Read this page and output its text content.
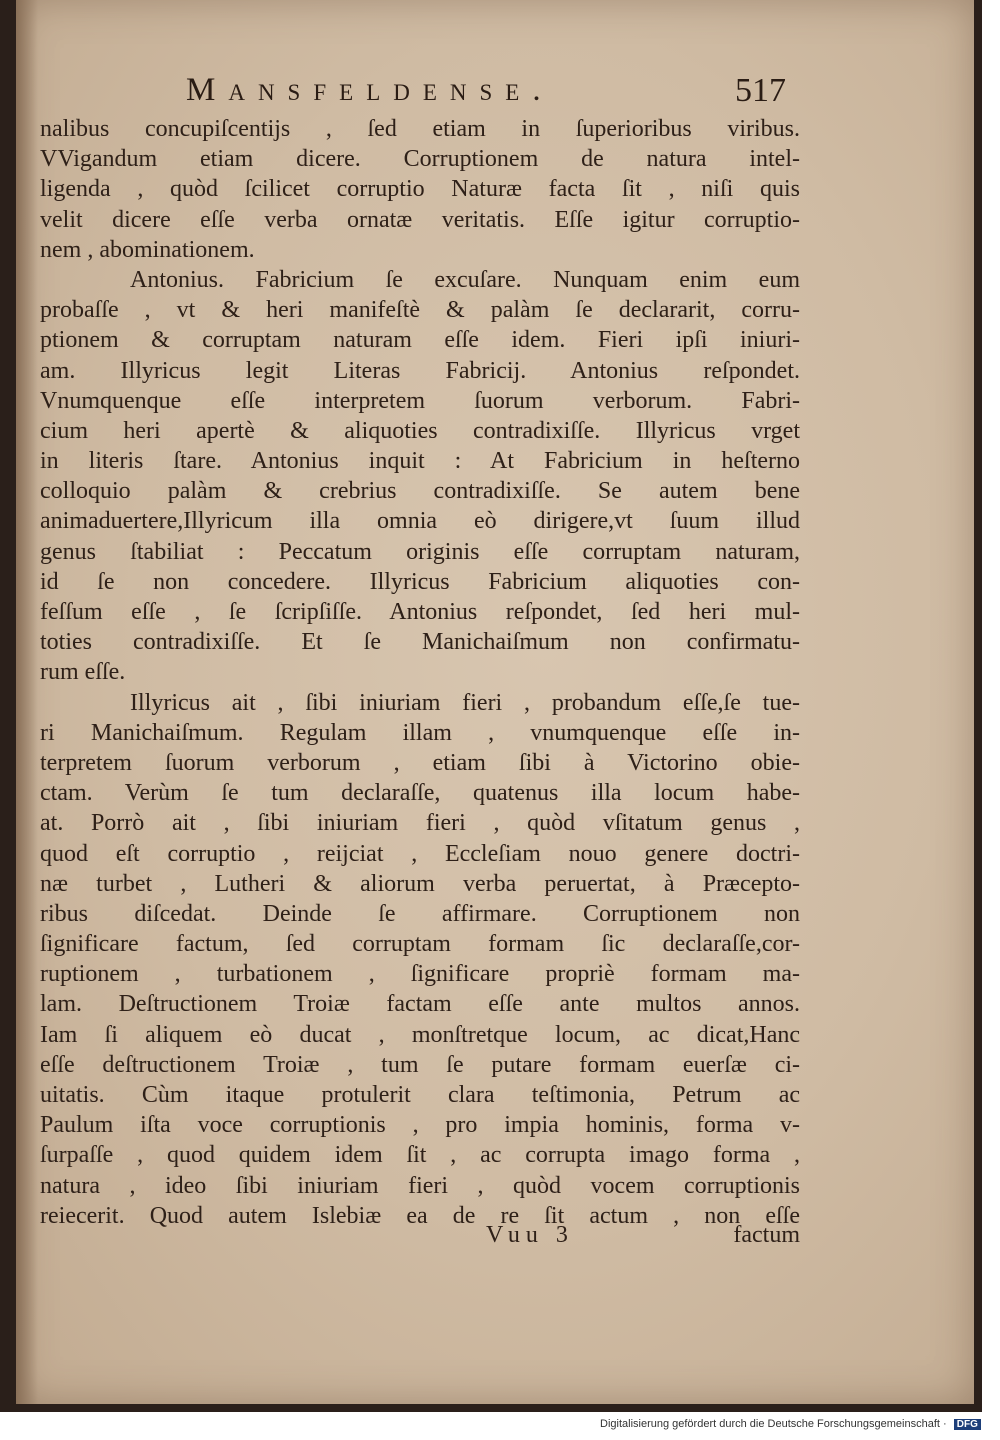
Mansfeldense.	517
nalibus concupiſcentijs , ſed etiam in ſuperioribus viribus.
VVigandum etiam dicere. Corruptionem de natura intel-
ligenda , quòd ſcilicet corruptio Naturæ facta ſit , niſi quis
velit dicere eſſe verba ornatæ veritatis. Eſſe igitur corruptio-
nem , abominationem.
Antonius. Fabricium ſe excuſare. Nunquam enim eum
probaſſe , vt & heri manifeſtè & palàm ſe declararit, corru-
ptionem & corruptam naturam eſſe idem. Fieri ipſi iniuri-
am. Illyricus legit Literas Fabricij. Antonius reſpondet.
Vnumquenque eſſe interpretem ſuorum verborum. Fabri-
cium heri apertè & aliquoties contradixiſſe. Illyricus vrget
in literis ſtare. Antonius inquit : At Fabricium in heſterno
colloquio palàm & crebrius contradixiſſe. Se autem bene
animaduertere,Illyricum illa omnia eò dirigere,vt ſuum illud
genus ſtabiliat : Peccatum originis eſſe corruptam naturam,
id ſe non concedere. Illyricus Fabricium aliquoties con-
feſſum eſſe , ſe ſcripſiſſe. Antonius reſpondet, ſed heri mul-
toties contradixiſſe. Et ſe Manichaiſmum non confirmatu-
rum eſſe.
Illyricus ait , ſibi iniuriam fieri , probandum eſſe,ſe tue-
ri Manichaiſmum. Regulam illam , vnumquenque eſſe in-
terpretem ſuorum verborum , etiam ſibi à Victorino obie-
ctam. Verùm ſe tum declaraſſe, quatenus illa locum habe-
at. Porrò ait , ſibi iniuriam fieri , quòd vſitatum genus ,
quod eſt corruptio , reijciat , Eccleſiam nouo genere doctri-
næ turbet , Lutheri & aliorum verba peruertat, à Præcepto-
ribus diſcedat. Deinde ſe affirmare. Corruptionem non
ſignificare factum, ſed corruptam formam ſic declaraſſe,cor-
ruptionem , turbationem , ſignificare propriè formam ma-
lam. Deſtructionem Troiæ factam eſſe ante multos annos.
Iam ſi aliquem eò ducat , monſtretque locum, ac dicat,Hanc
eſſe deſtructionem Troiæ , tum ſe putare formam euerſæ ci-
uitatis. Cùm itaque protulerit clara teſtimonia, Petrum ac
Paulum iſta voce corruptionis , pro impia hominis, forma v-
ſurpaſſe , quod quidem idem ſit , ac corrupta imago forma ,
natura , ideo ſibi iniuriam fieri , quòd vocem corruptionis
reiecerit. Quod autem Islebiæ ea de re ſit actum , non eſſe
Vuu 3	factum
Digitalisierung gefördert durch die Deutsche Forschungsgemeinschaft · DFG
